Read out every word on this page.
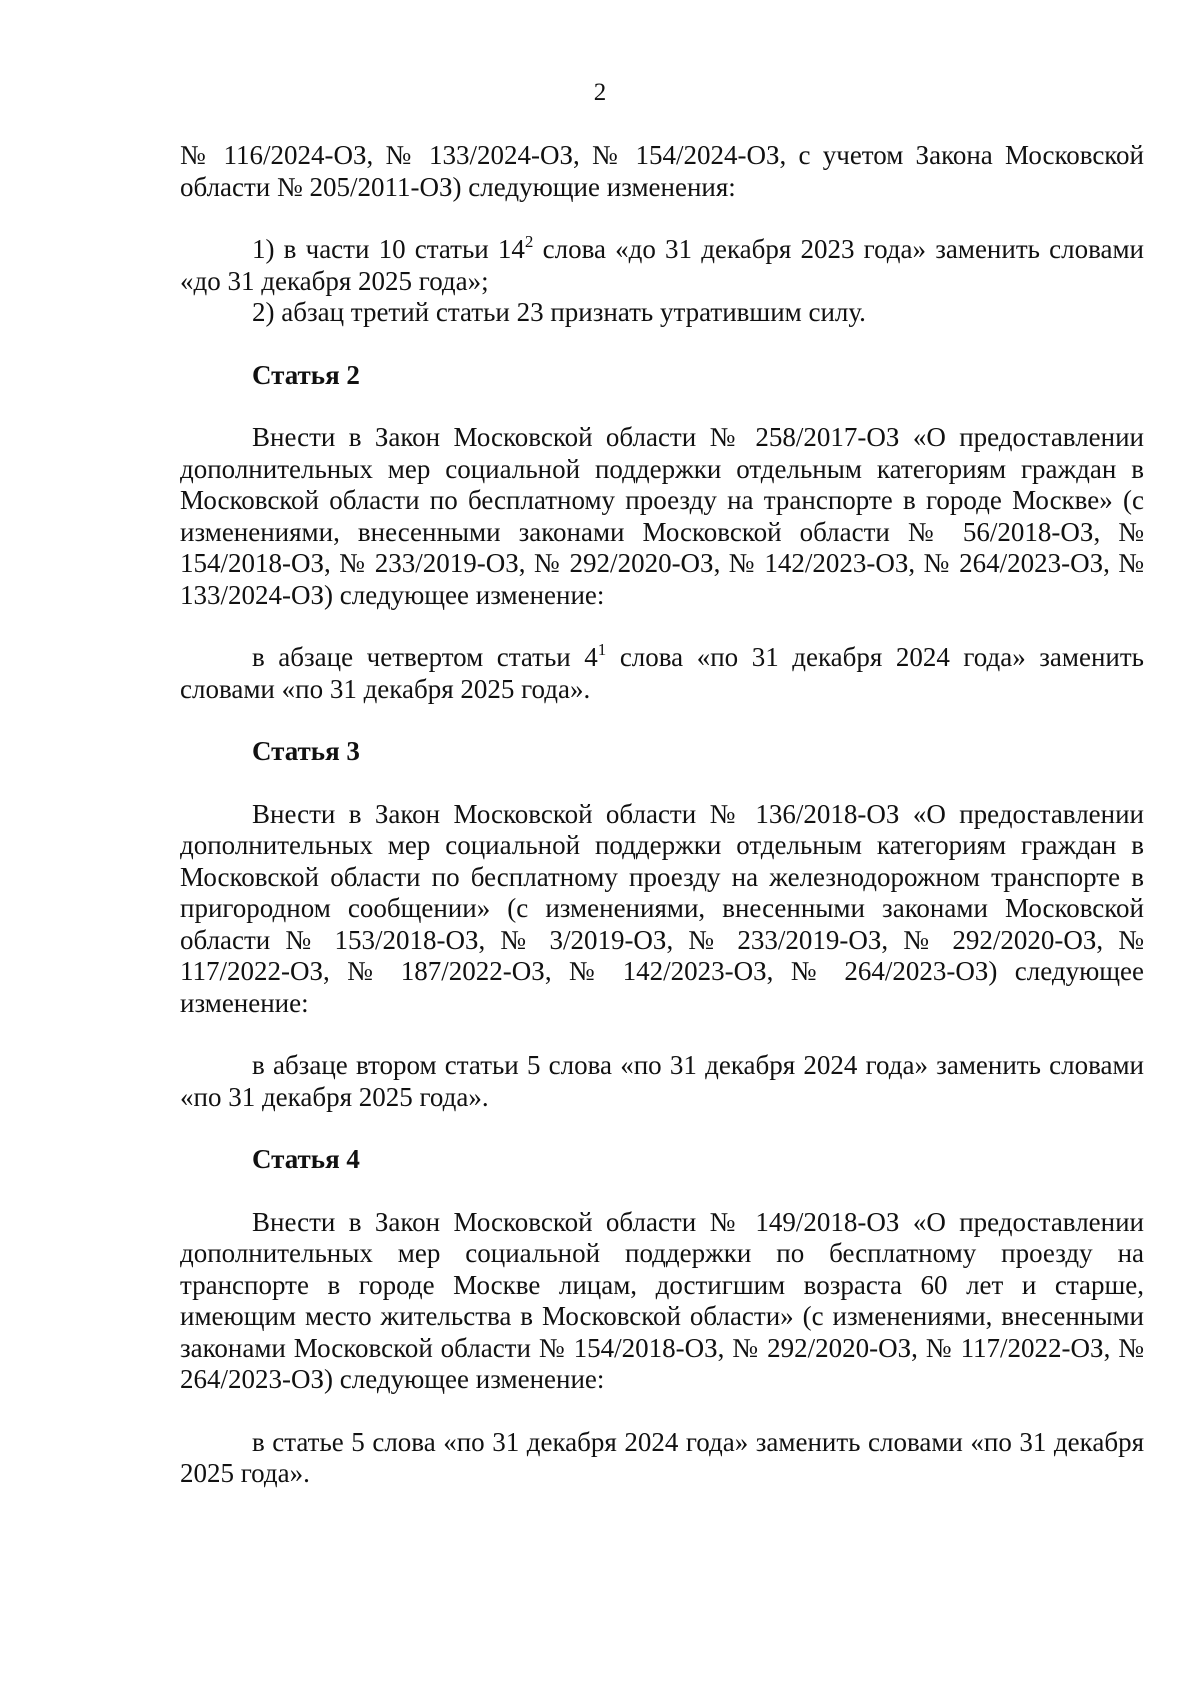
2

№ 116/2024-ОЗ, № 133/2024-ОЗ, № 154/2024-ОЗ, с учетом Закона Московской области № 205/2011-ОЗ) следующие изменения:

1) в части 10 статьи $14^2$ слова «до 31 декабря 2023 года» заменить словами «до 31 декабря 2025 года»;

2) абзац третий статьи 23 признать утратившим силу.

Статья 2

Внести в Закон Московской области № 258/2017-ОЗ «О предоставлении дополнительных мер социальной поддержки отдельным категориям граждан в Московской области по бесплатному проезду на транспорте в городе Москве» (с изменениями, внесенными законами Московской области № 56/2018-ОЗ, № 154/2018-ОЗ, № 233/2019-ОЗ, № 292/2020-ОЗ, № 142/2023-ОЗ, № 264/2023-ОЗ, № 133/2024-ОЗ) следующее изменение:

в абзаце четвертом статьи $4^1$ слова «по 31 декабря 2024 года» заменить словами «по 31 декабря 2025 года».

Статья 3

Внести в Закон Московской области № 136/2018-ОЗ «О предоставлении дополнительных мер социальной поддержки отдельным категориям граждан в Московской области по бесплатному проезду на железнодорожном транспорте в пригородном сообщении» (с изменениями, внесенными законами Московской области № 153/2018-ОЗ, № 3/2019-ОЗ, № 233/2019-ОЗ, № 292/2020-ОЗ, № 117/2022-ОЗ, № 187/2022-ОЗ, № 142/2023-ОЗ, № 264/2023-ОЗ) следующее изменение:

в абзаце втором статьи 5 слова «по 31 декабря 2024 года» заменить словами «по 31 декабря 2025 года».

Статья 4

Внести в Закон Московской области № 149/2018-ОЗ «О предоставлении дополнительных мер социальной поддержки по бесплатному проезду на транспорте в городе Москве лицам, достигшим возраста 60 лет и старше, имеющим место жительства в Московской области» (с изменениями, внесенными законами Московской области № 154/2018-ОЗ, № 292/2020-ОЗ, № 117/2022-ОЗ, № 264/2023-ОЗ) следующее изменение:

в статье 5 слова «по 31 декабря 2024 года» заменить словами «по 31 декабря 2025 года».
